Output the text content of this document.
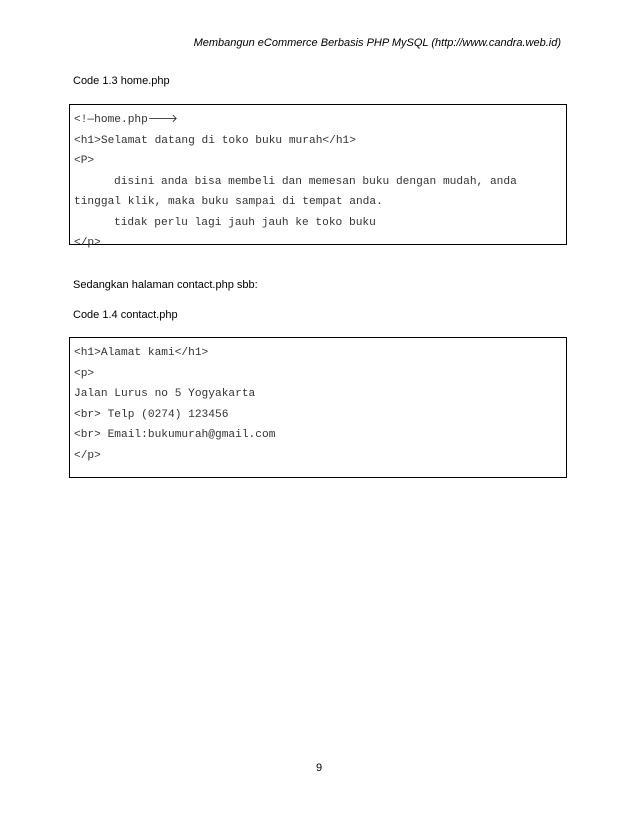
Membangun eCommerce Berbasis PHP MySQL (http://www.candra.web.id)
Code 1.3 home.php
<!—home.php🡒
<h1>Selamat datang di toko buku murah</h1>
<P>
disini anda bisa membeli dan memesan buku dengan mudah, anda
tinggal klik, maka buku sampai di tempat anda.
tidak perlu lagi jauh jauh ke toko buku
</p>
Sedangkan halaman contact.php sbb:
Code 1.4 contact.php
<h1>Alamat kami</h1>
<p>
Jalan Lurus no 5 Yogyakarta
<br> Telp (0274) 123456
<br> Email:bukumurah@gmail.com
</p>
9
